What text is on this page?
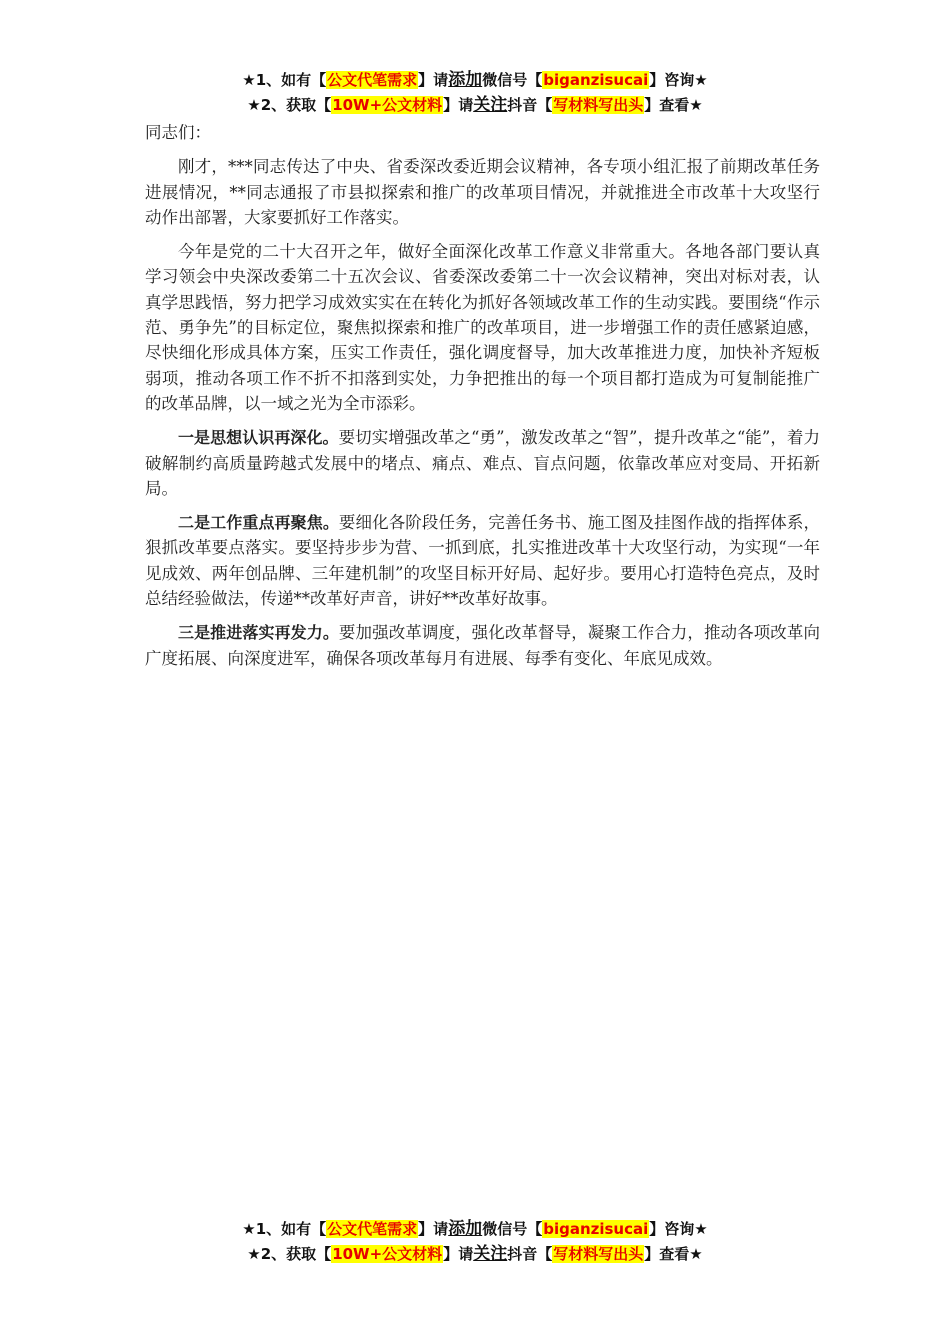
★1、如有【公文代笔需求】请添加微信号【biganzisucai】咨询★
★2、获取【10W+公文材料】请关注抖音【写材料写出头】查看★

同志们：

刚才，***同志传达了中央、省委深改委近期会议精神，各专项小组汇报了前期改革任务进展情况，**同志通报了市县拟探索和推广的改革项目情况，并就推进全市改革十大攻坚行动作出部署，大家要抓好工作落实。

今年是党的二十大召开之年，做好全面深化改革工作意义非常重大。各地各部门要认真学习领会中央深改委第二十五次会议、省委深改委第二十一次会议精神，突出对标对表，认真学思践悟，努力把学习成效实实在在转化为抓好各领域改革工作的生动实践。要围绕“作示范、勇争先”的目标定位，聚焦拟探索和推广的改革项目，进一步增强工作的责任感紧迫感，尽快细化形成具体方案，压实工作责任，强化调度督导，加大改革推进力度，加快补齐短板弱项，推动各项工作不折不扣落到实处，力争把推出的每一个项目都打造成为可复制能推广的改革品牌，以一域之光为全市添彩。

一是思想认识再深化。要切实增强改革之“勇”，激发改革之“智”，提升改革之“能”，着力破解制约高质量跨越式发展中的堵点、痛点、难点、盲点问题，依靠改革应对变局、开拓新局。

二是工作重点再聚焦。要细化各阶段任务，完善任务书、施工图及挂图作战的指挥体系，狠抓改革要点落实。要坚持步步为营、一抓到底，扎实推进改革十大攻坚行动，为实现“一年见成效、两年创品牌、三年建机制”的攻坚目标开好局、起好步。要用心打造特色亮点，及时总结经验做法，传递**改革好声音，讲好**改革好故事。

三是推进落实再发力。要加强改革调度，强化改革督导，凝聚工作合力，推动各项改革向广度拓展、向深度进军，确保各项改革每月有进展、每季有变化、年底见成效。

★1、如有【公文代笔需求】请添加微信号【biganzisucai】咨询★
★2、获取【10W+公文材料】请关注抖音【写材料写出头】查看★
